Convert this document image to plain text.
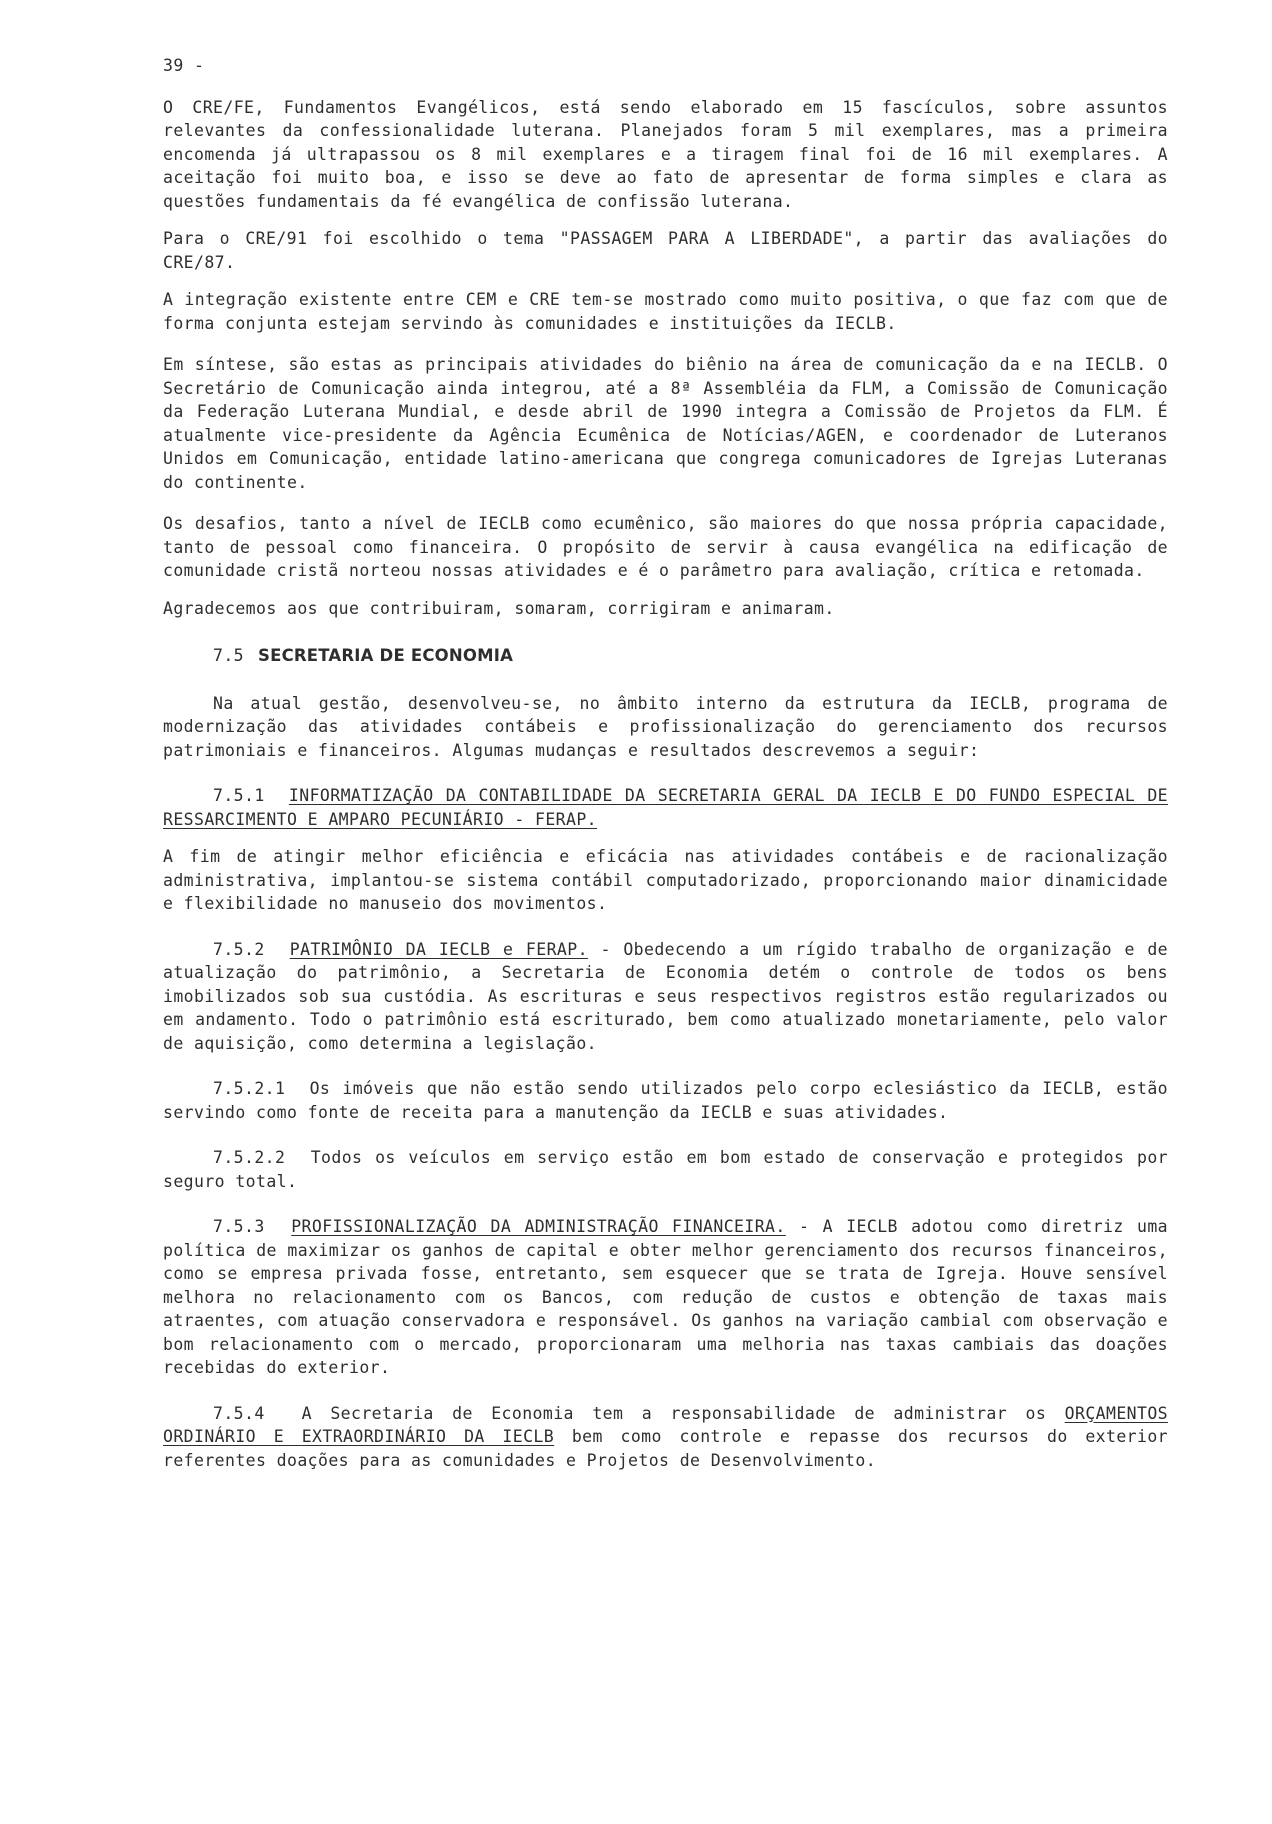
39 -

O CRE/FE, Fundamentos Evangélicos, está sendo elaborado em 15 fascículos, sobre assuntos relevantes da confessionalidade luterana. Planejados foram 5 mil exemplares, mas a primeira encomenda já ultrapassou os 8 mil exemplares e a tiragem final foi de 16 mil exemplares. A aceitação foi muito boa, e isso se deve ao fato de apresentar de forma simples e clara as questões fundamentais da fé evangélica de confissão luterana.

Para o CRE/91 foi escolhido o tema "PASSAGEM PARA A LIBERDADE", a partir das avaliações do CRE/87.

A integração existente entre CEM e CRE tem-se mostrado como muito positiva, o que faz com que de forma conjunta estejam servindo às comunidades e instituições da IECLB.

Em síntese, são estas as principais atividades do biênio na área de comunicação da e na IECLB. O Secretário de Comunicação ainda integrou, até a 8ª Assembléia da FLM, a Comissão de Comunicação da Federação Luterana Mundial, e desde abril de 1990 integra a Comissão de Projetos da FLM. É atualmente vice-presidente da Agência Ecumênica de Notícias/AGEN, e coordenador de Luteranos Unidos em Comunicação, entidade latino-americana que congrega comunicadores de Igrejas Luteranas do continente.

Os desafios, tanto a nível de IECLB como ecumênico, são maiores do que nossa própria capacidade, tanto de pessoal como financeira. O propósito de servir à causa evangélica na edificação de comunidade cristã norteou nossas atividades e é o parâmetro para avaliação, crítica e retomada.

Agradecemos aos que contribuiram, somaram, corrigiram e animaram.

7.5 SECRETARIA DE ECONOMIA

Na atual gestão, desenvolveu-se, no âmbito interno da estrutura da IECLB, programa de modernização das atividades contábeis e profissionalização do gerenciamento dos recursos patrimoniais e financeiros. Algumas mudanças e resultados descrevemos a seguir:

7.5.1 INFORMATIZAÇÃO DA CONTABILIDADE DA SECRETARIA GERAL DA IECLB E DO FUNDO ESPECIAL DE RESSARCIMENTO E AMPARO PECUNIÁRIO - FERAP.

A fim de atingir melhor eficiência e eficácia nas atividades contábeis e de racionalização administrativa, implantou-se sistema contábil computadorizado, proporcionando maior dinamicidade e flexibilidade no manuseio dos movimentos.

7.5.2 PATRIMÔNIO DA IECLB e FERAP. - Obedecendo a um rígido trabalho de organização e de atualização do patrimônio, a Secretaria de Economia detém o controle de todos os bens imobilizados sob sua custódia. As escrituras e seus respectivos registros estão regularizados ou em andamento. Todo o patrimônio está escriturado, bem como atualizado monetariamente, pelo valor de aquisição, como determina a legislação.

7.5.2.1 Os imóveis que não estão sendo utilizados pelo corpo eclesiástico da IECLB, estão servindo como fonte de receita para a manutenção da IECLB e suas atividades.

7.5.2.2 Todos os veículos em serviço estão em bom estado de conservação e protegidos por seguro total.

7.5.3 PROFISSIONALIZAÇÃO DA ADMINISTRAÇÃO FINANCEIRA. - A IECLB adotou como diretriz uma política de maximizar os ganhos de capital e obter melhor gerenciamento dos recursos financeiros, como se empresa privada fosse, entretanto, sem esquecer que se trata de Igreja. Houve sensível melhora no relacionamento com os Bancos, com redução de custos e obtenção de taxas mais atraentes, com atuação conservadora e responsável. Os ganhos na variação cambial com observação e bom relacionamento com o mercado, proporcionaram uma melhoria nas taxas cambiais das doações recebidas do exterior.

7.5.4 A Secretaria de Economia tem a responsabilidade de administrar os ORÇAMENTOS ORDINÁRIO E EXTRAORDINÁRIO DA IECLB bem como controle e repasse dos recursos do exterior referentes doações para as comunidades e Projetos de Desenvolvimento.
